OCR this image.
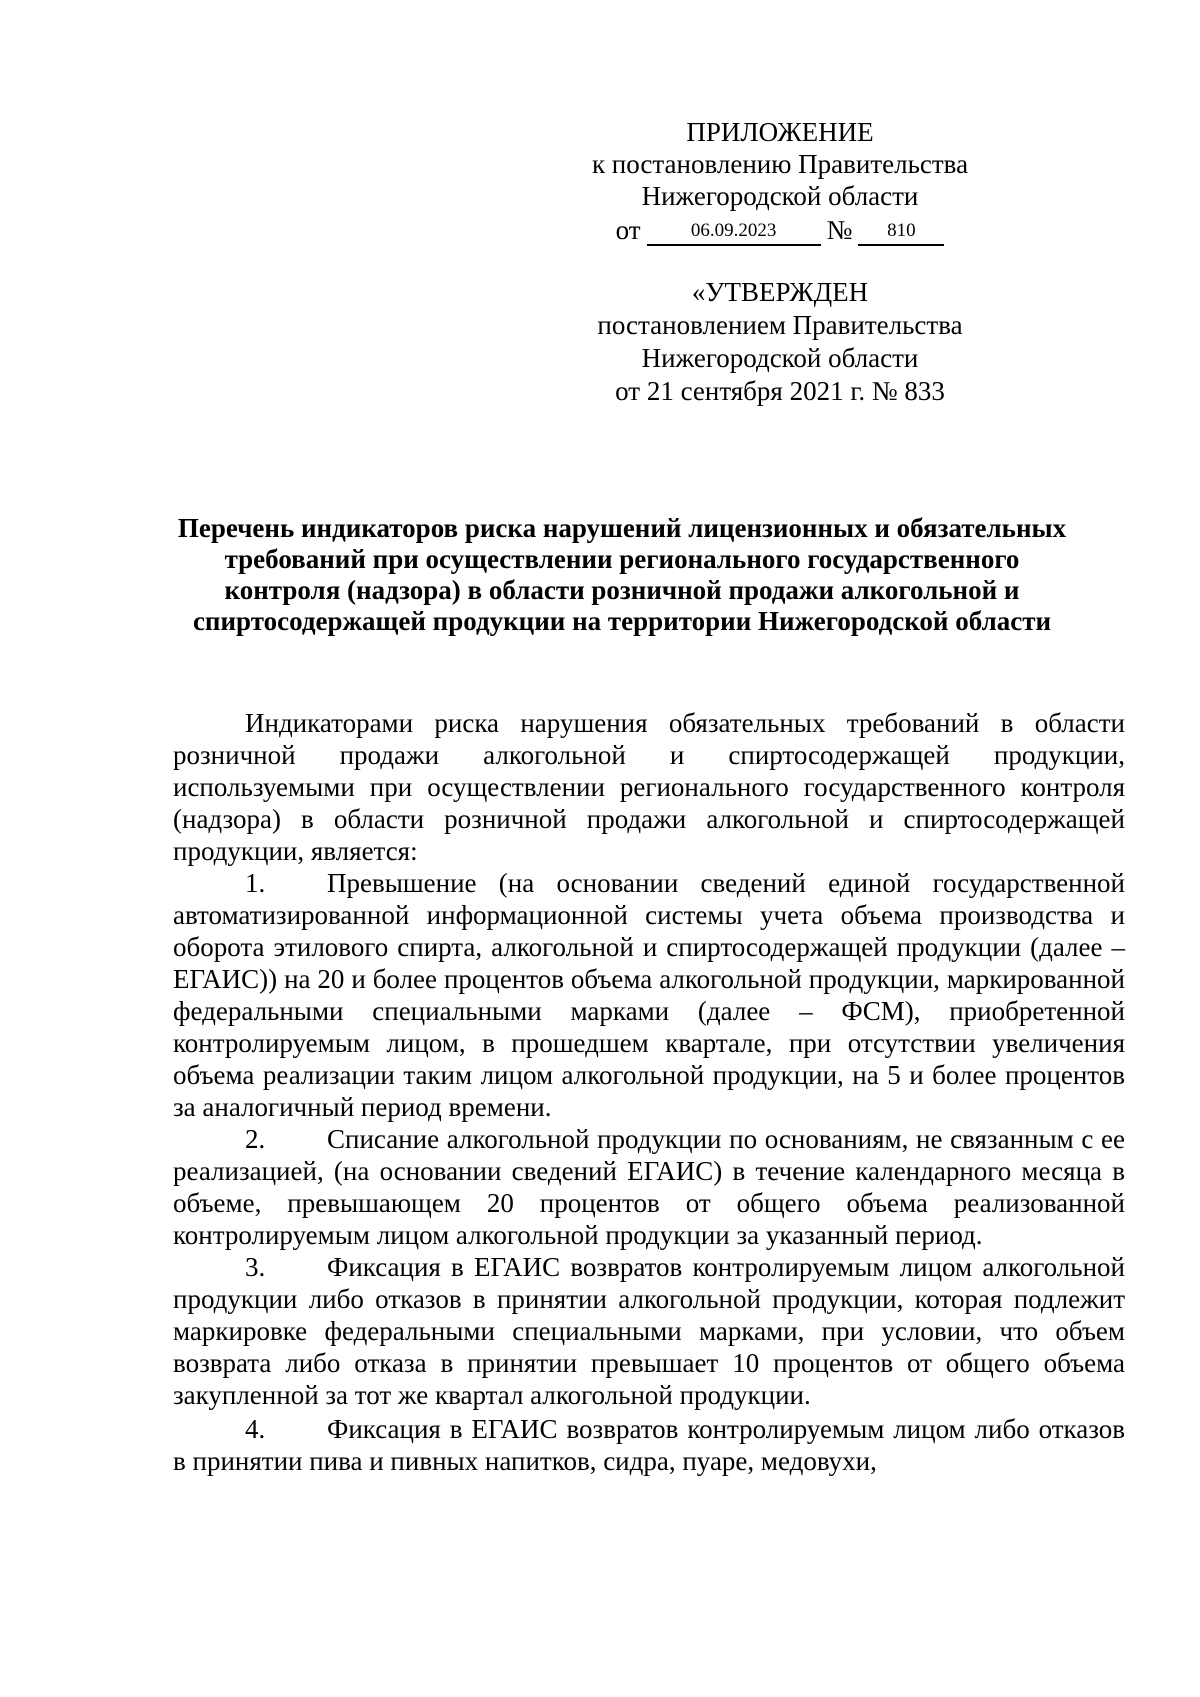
ПРИЛОЖЕНИЕ
к постановлению Правительства
Нижегородской области
от	06.09.2023	№	810
«УТВЕРЖДЕН
постановлением Правительства
Нижегородской области
от 21 сентября 2021 г. № 833
Перечень индикаторов риска нарушений лицензионных и обязательных требований при осуществлении регионального государственного контроля (надзора) в области розничной продажи алкогольной и спиртосодержащей продукции на территории Нижегородской области

Индикаторами риска нарушения обязательных требований в области розничной продажи алкогольной и спиртосодержащей продукции, используемыми при осуществлении регионального государственного контроля (надзора) в области розничной продажи алкогольной и спиртосодержащей продукции, является:

1. Превышение (на основании сведений единой государственной автоматизированной информационной системы учета объема производства и оборота этилового спирта, алкогольной и спиртосодержащей продукции (далее – ЕГАИС)) на 20 и более процентов объема алкогольной продукции, маркированной федеральными специальными марками (далее – ФСМ), приобретенной контролируемым лицом, в прошедшем квартале, при отсутствии увеличения объема реализации таким лицом алкогольной продукции, на 5 и более процентов за аналогичный период времени.

2. Списание алкогольной продукции по основаниям, не связанным с ее реализацией, (на основании сведений ЕГАИС) в течение календарного месяца в объеме, превышающем 20 процентов от общего объема реализованной контролируемым лицом алкогольной продукции за указанный период.

3. Фиксация в ЕГАИС возвратов контролируемым лицом алкогольной продукции либо отказов в принятии алкогольной продукции, которая подлежит маркировке федеральными специальными марками, при условии, что объем возврата либо отказа в принятии превышает 10 процентов от общего объема закупленной за тот же квартал алкогольной продукции.

4. Фиксация в ЕГАИС возвратов контролируемым лицом либо отказов в принятии пива и пивных напитков, сидра, пуаре, медовухи,
